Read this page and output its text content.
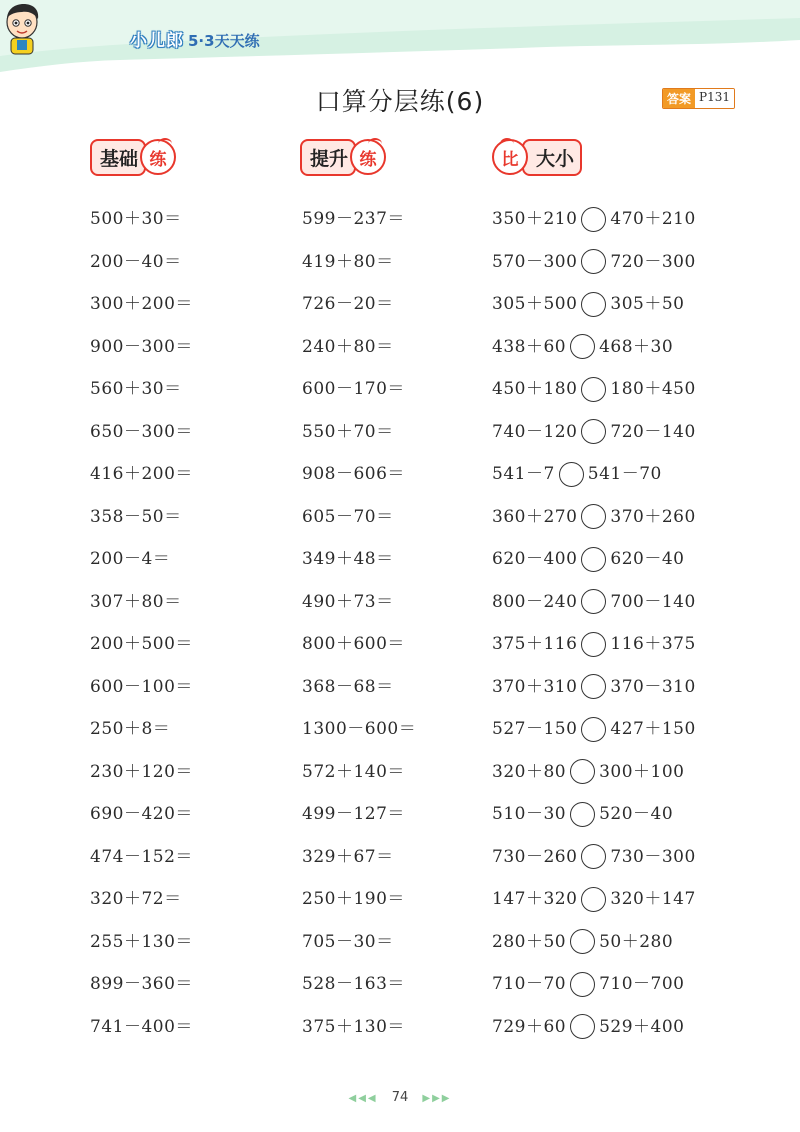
小儿郎 5·3天天练
口算分层练(6)	答案 P131
基础 练	提升 练	比 大小
500＋30＝
200－40＝
300＋200＝
900－300＝
560＋30＝
650－300＝
416＋200＝
358－50＝
200－4＝
307＋80＝
200＋500＝
600－100＝
250＋8＝
230＋120＝
690－420＝
474－152＝
320＋72＝
255＋130＝
899－360＝
741－400＝
599－237＝
419＋80＝
726－20＝
240＋80＝
600－170＝
550＋70＝
908－606＝
605－70＝
349＋48＝
490＋73＝
800＋600＝
368－68＝
1300－600＝
572＋140＝
499－127＝
329＋67＝
250＋190＝
705－30＝
528－163＝
375＋130＝
350＋210 470＋210
570－300 720－300
305＋500 305＋50
438＋60 468＋30
450＋180 180＋450
740－120 720－140
541－7 541－70
360＋270 370＋260
620－400 620－40
800－240 700－140
375＋116 116＋375
370＋310 370－310
527－150 427＋150
320＋80 300＋100
510－30 520－40
730－260 730－300
147＋320 320＋147
280＋50 50＋280
710－70 710－700
729＋60 529＋400
◀◀◀ 74 ▶▶▶
